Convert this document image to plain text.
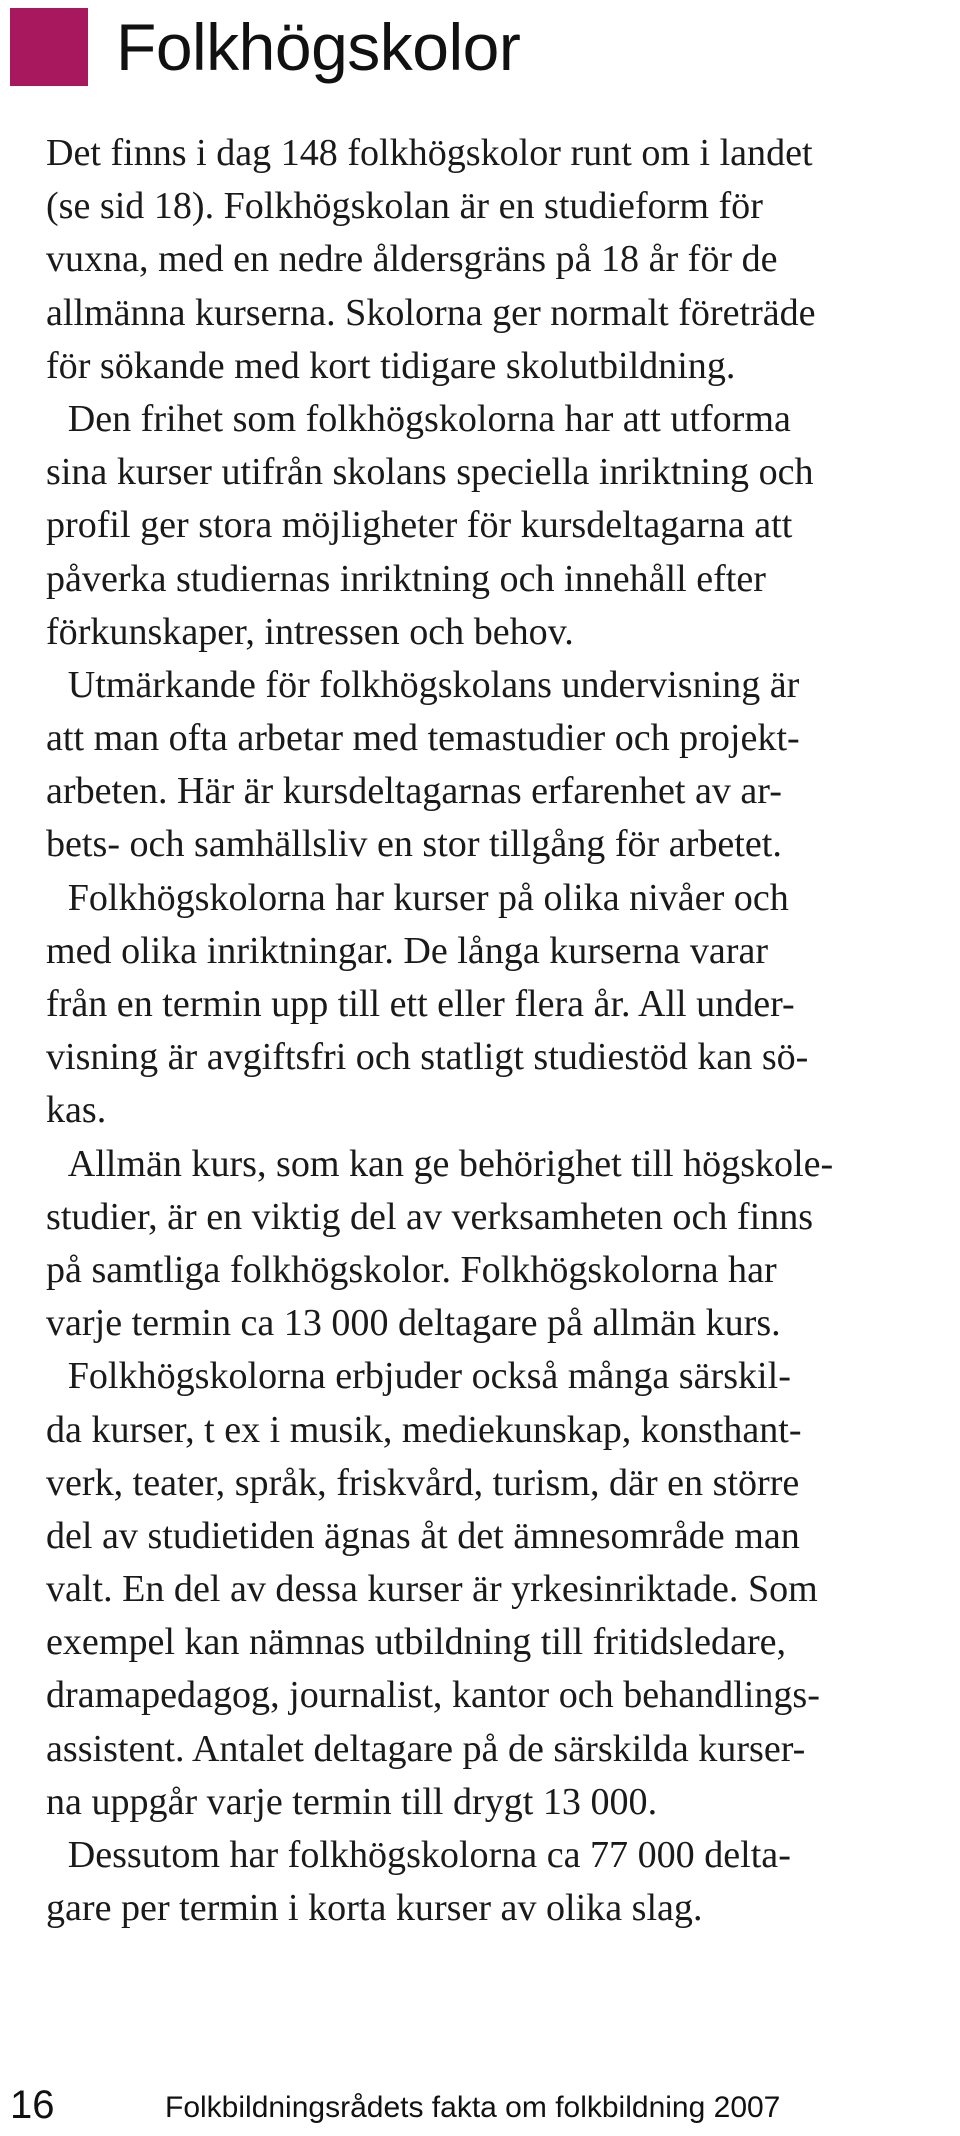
Folkhögskolor
Det finns i dag 148 folkhögskolor runt om i landet
(se sid 18). Folkhögskolan är en studieform för
vuxna, med en nedre åldersgräns på 18 år för de
allmänna kurserna. Skolorna ger normalt företräde
för sökande med kort tidigare skolutbildning.
Den frihet som folkhögskolorna har att utforma
sina kurser utifrån skolans speciella inriktning och
profil ger stora möjligheter för kursdeltagarna att
påverka studiernas inriktning och innehåll efter
förkunskaper, intressen och behov.
Utmärkande för folkhögskolans undervisning är
att man ofta arbetar med temastudier och projekt-
arbeten. Här är kursdeltagarnas erfarenhet av ar-
bets- och samhällsliv en stor tillgång för arbetet.
Folkhögskolorna har kurser på olika nivåer och
med olika inriktningar. De långa kurserna varar
från en termin upp till ett eller flera år. All under-
visning är avgiftsfri och statligt studiestöd kan sö-
kas.
Allmän kurs, som kan ge behörighet till högskole-
studier, är en viktig del av verksamheten och finns
på samtliga folkhögskolor. Folkhögskolorna har
varje termin ca 13 000 deltagare på allmän kurs.
Folkhögskolorna erbjuder också många särskil-
da kurser, t ex i musik, mediekunskap, konsthant-
verk, teater, språk, friskvård, turism, där en större
del av studietiden ägnas åt det ämnesområde man
valt. En del av dessa kurser är yrkesinriktade. Som
exempel kan nämnas utbildning till fritidsledare,
dramapedagog, journalist, kantor och behandlings-
assistent. Antalet deltagare på de särskilda kurser-
na uppgår varje termin till drygt 13 000.
Dessutom har folkhögskolorna ca 77 000 delta-
gare per termin i korta kurser av olika slag.
16	Folkbildningsrådets fakta om folkbildning 2007
